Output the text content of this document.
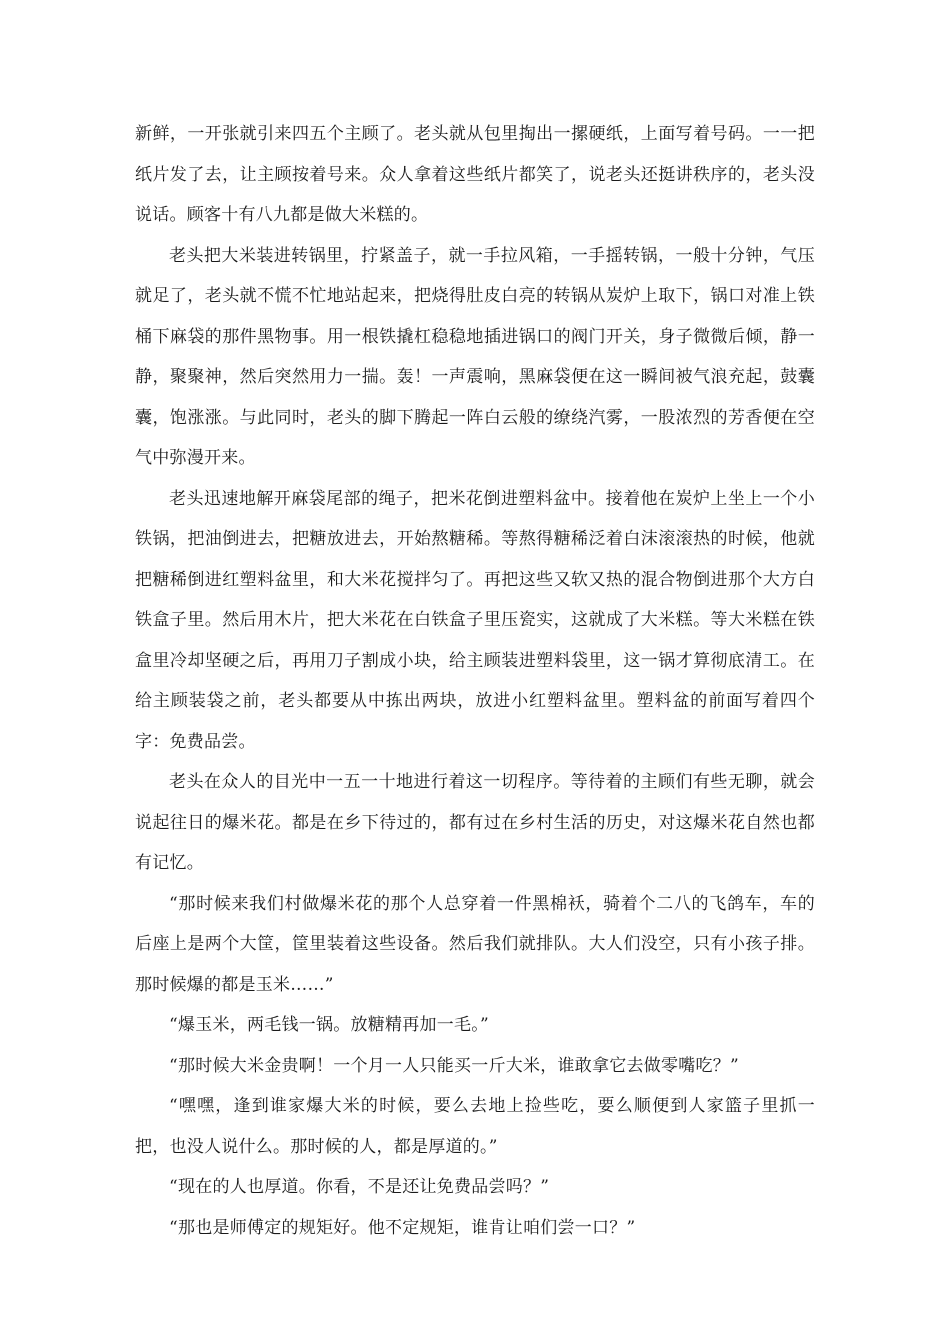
新鲜，一开张就引来四五个主顾了。老头就从包里掏出一摞硬纸，上面写着号码。一一把纸片发了去，让主顾按着号来。众人拿着这些纸片都笑了，说老头还挺讲秩序的，老头没说话。顾客十有八九都是做大米糕的。

老头把大米装进转锅里，拧紧盖子，就一手拉风箱，一手摇转锅，一般十分钟，气压就足了，老头就不慌不忙地站起来，把烧得肚皮白亮的转锅从炭炉上取下，锅口对准上铁桶下麻袋的那件黑物事。用一根铁撬杠稳稳地插进锅口的阀门开关，身子微微后倾，静一静，聚聚神，然后突然用力一揣。轰！一声震响，黑麻袋便在这一瞬间被气浪充起，鼓囊囊，饱涨涨。与此同时，老头的脚下腾起一阵白云般的缭绕汽雾，一股浓烈的芳香便在空气中弥漫开来。

老头迅速地解开麻袋尾部的绳子，把米花倒进塑料盆中。接着他在炭炉上坐上一个小铁锅，把油倒进去，把糖放进去，开始熬糖稀。等熬得糖稀泛着白沫滚滚热的时候，他就把糖稀倒进红塑料盆里，和大米花搅拌匀了。再把这些又软又热的混合物倒进那个大方白铁盒子里。然后用木片，把大米花在白铁盒子里压瓷实，这就成了大米糕。等大米糕在铁盒里冷却坚硬之后，再用刀子割成小块，给主顾装进塑料袋里，这一锅才算彻底清工。在给主顾装袋之前，老头都要从中拣出两块，放进小红塑料盆里。塑料盆的前面写着四个字：免费品尝。

老头在众人的目光中一五一十地进行着这一切程序。等待着的主顾们有些无聊，就会说起往日的爆米花。都是在乡下待过的，都有过在乡村生活的历史，对这爆米花自然也都有记忆。

“那时候来我们村做爆米花的那个人总穿着一件黑棉袄，骑着个二八的飞鸽车，车的后座上是两个大筐，筐里装着这些设备。然后我们就排队。大人们没空，只有小孩子排。那时候爆的都是玉米……”

“爆玉米，两毛钱一锅。放糖精再加一毛。”

“那时候大米金贵啊！一个月一人只能买一斤大米，谁敢拿它去做零嘴吃？”

“嘿嘿，逢到谁家爆大米的时候，要么去地上捡些吃，要么顺便到人家篮子里抓一把，也没人说什么。那时候的人，都是厚道的。”

“现在的人也厚道。你看，不是还让免费品尝吗？”

“那也是师傅定的规矩好。他不定规矩，谁肯让咱们尝一口？”
